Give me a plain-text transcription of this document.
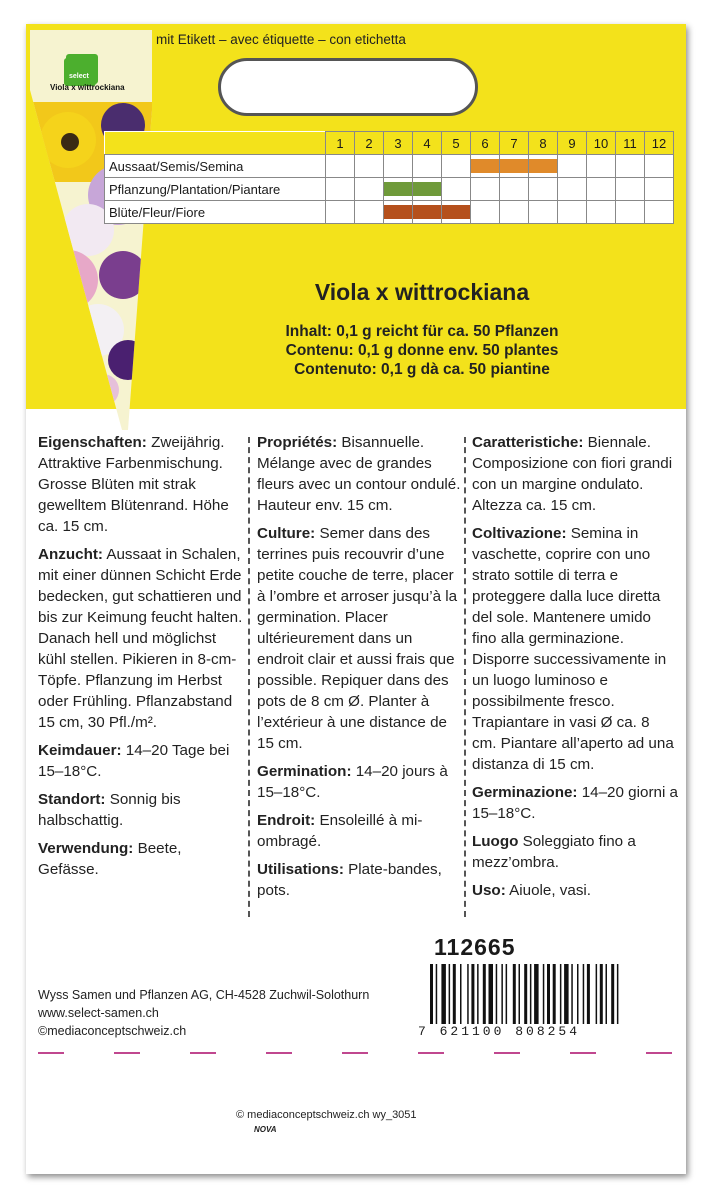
mit Etikett – avec étiquette – con etichetta
select
Viola x wittrockiana
	1	2	3	4	5	6	7	8	9	10	11	12
Aussaat/Semis/Semina						

Pflanzung/Plantation/Piantare			

Blüte/Fleur/Fiore			

Viola x wittrockiana
Inhalt: 0,1 g reicht für ca. 50 Pflanzen
Contenu: 0,1 g donne env. 50 plantes
Contenuto: 0,1 g dà ca. 50 piantine

Eigenschaften: Zweijährig. Attraktive Farbenmischung. Grosse Blüten mit strak gewelltem Blütenrand. Höhe ca. 15 cm.

Anzucht: Aussaat in Schalen, mit einer dünnen Schicht Erde bedecken, gut schattieren und bis zur Keimung feucht halten. Danach hell und möglichst kühl stellen. Pikieren in 8-cm-Töpfe. Pflanzung im Herbst oder Frühling. Pflanzabstand 15 cm, 30 Pfl./m².

Keimdauer: 14–20 Tage bei 15–18°C.

Standort: Sonnig bis halbschattig.

Verwendung: Beete, Gefässe.

Propriétés: Bisannuelle. Mélange avec de grandes fleurs avec un contour ondulé. Hauteur env. 15 cm.

Culture: Semer dans des terrines puis recouvrir d’une petite couche de terre, placer à l’ombre et arroser jusqu’à la germination. Placer ultérieurement dans un endroit clair et aussi frais que possible. Repiquer dans des pots de 8 cm Ø. Planter à l’extérieur à une distance de 15 cm.

Germination: 14–20 jours à 15–18°C.

Endroit: Ensoleillé à mi-ombragé.

Utilisations: Plate-bandes, pots.

Caratteristiche: Biennale. Composizione con fiori grandi con un margine ondulato. Altezza ca. 15 cm.

Coltivazione: Semina in vaschette, coprire con uno strato sottile di terra e proteggere dalla luce diretta del sole. Mantenere umido fino alla germinazione. Disporre successivamente in un luogo luminoso e possibilmente fresco. Trapiantare in vasi Ø ca. 8 cm. Piantare all’aperto ad una distanza di 15 cm.

Germinazione: 14–20 giorni a 15–18°C.

Luogo Soleggiato fino a mezz’ombra.

Uso: Aiuole, vasi.

112665
7 621100 808254
Wyss Samen und Pflanzen AG, CH-4528 Zuchwil-Solothurn
www.select-samen.ch
©mediaconceptschweiz.ch
© mediaconceptschweiz.ch wy_3051
NOVA
